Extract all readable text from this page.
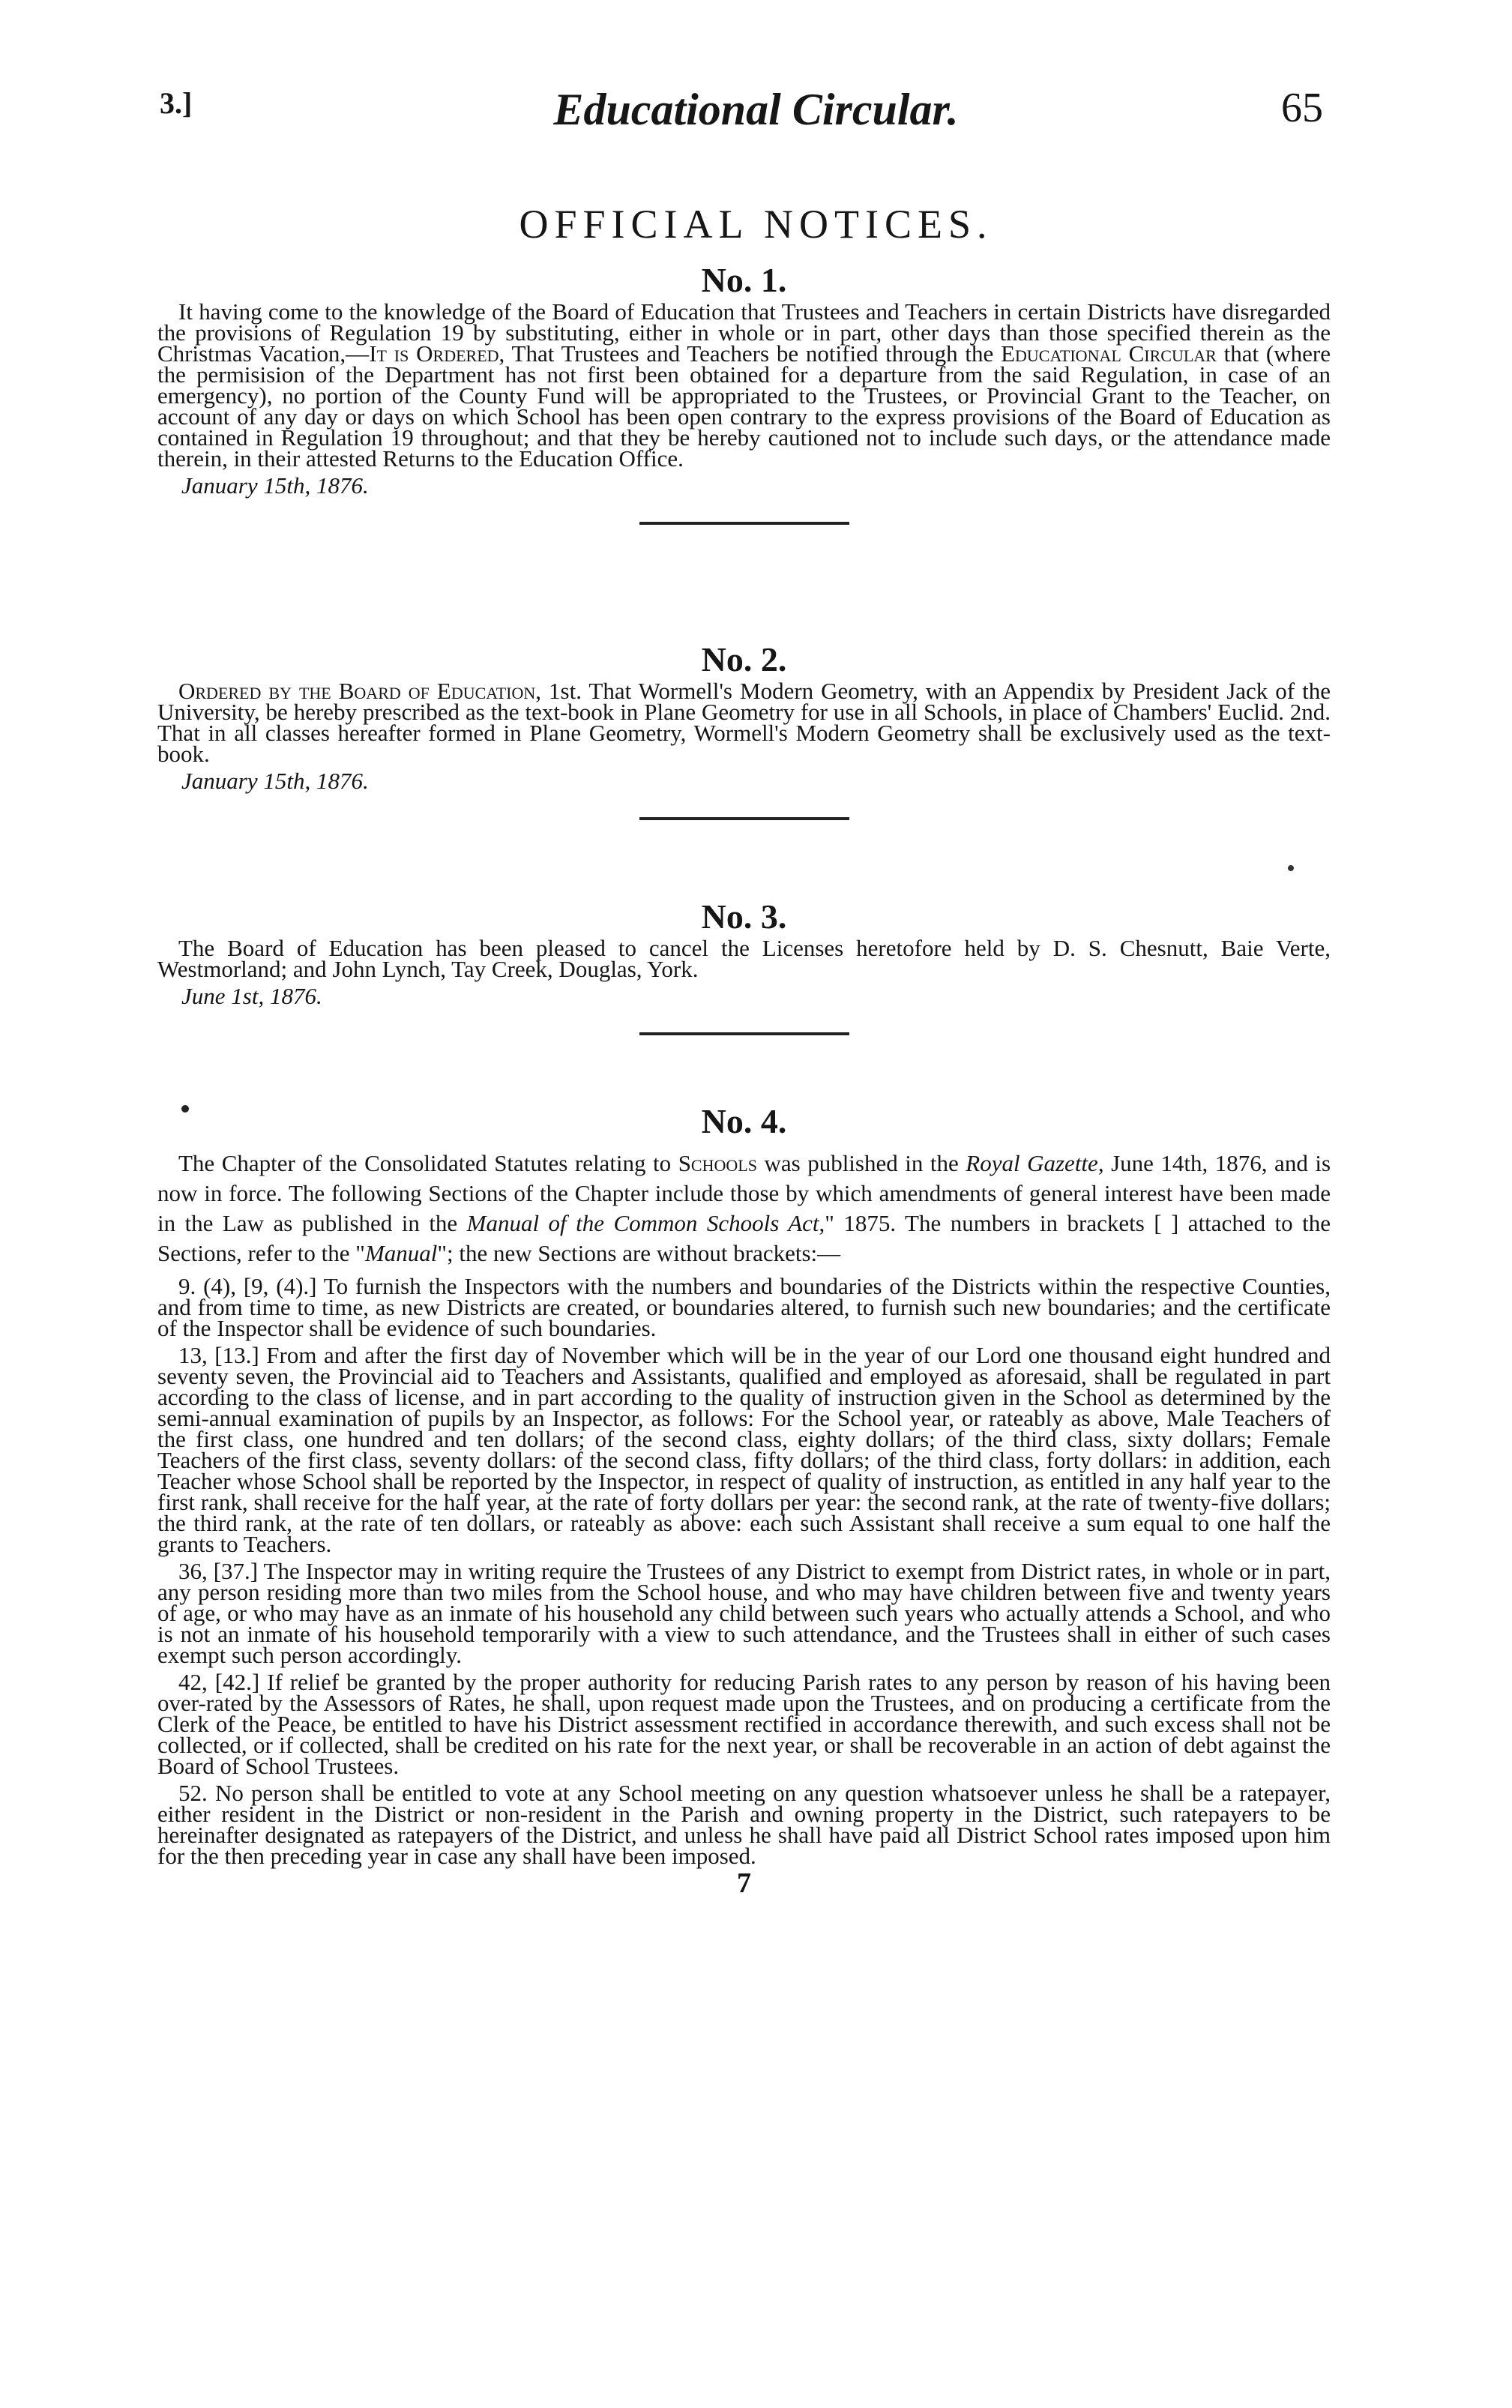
3.]	Educational Circular.	65
OFFICIAL NOTICES.
No. 1.

It having come to the knowledge of the Board of Education that Trustees and Teachers in certain Districts have disregarded the provisions of Regulation 19 by substituting, either in whole or in part, other days than those specified therein as the Christmas Vacation,—It is Ordered, That Trustees and Teachers be notified through the Educational Circular that (where the permisision of the Department has not first been obtained for a departure from the said Regulation, in case of an emergency), no portion of the County Fund will be appropriated to the Trustees, or Provincial Grant to the Teacher, on account of any day or days on which School has been open contrary to the express provisions of the Board of Education as contained in Regulation 19 throughout; and that they be hereby cautioned not to include such days, or the attendance made therein, in their attested Returns to the Education Office.

January 15th, 1876.
No. 2.

Ordered by the Board of Education, 1st. That Wormell's Modern Geometry, with an Appendix by President Jack of the University, be hereby prescribed as the text-book in Plane Geometry for use in all Schools, in place of Chambers' Euclid. 2nd. That in all classes hereafter formed in Plane Geometry, Wormell's Modern Geometry shall be exclusively used as the text-book.

January 15th, 1876.
No. 3.

The Board of Education has been pleased to cancel the Licenses heretofore held by D. S. Chesnutt, Baie Verte, Westmorland; and John Lynch, Tay Creek, Douglas, York.

June 1st, 1876.
No. 4.

The Chapter of the Consolidated Statutes relating to Schools was published in the Royal Gazette, June 14th, 1876, and is now in force. The following Sections of the Chapter include those by which amendments of general interest have been made in the Law as published in the Manual of the Common Schools Act," 1875. The numbers in brackets [ ] attached to the Sections, refer to the "Manual"; the new Sections are without brackets:—

9. (4), [9, (4).] To furnish the Inspectors with the numbers and boundaries of the Districts within the respective Counties, and from time to time, as new Districts are created, or boundaries altered, to furnish such new boundaries; and the certificate of the Inspector shall be evidence of such boundaries.

13, [13.] From and after the first day of November which will be in the year of our Lord one thousand eight hundred and seventy seven, the Provincial aid to Teachers and Assistants, qualified and employed as aforesaid, shall be regulated in part according to the class of license, and in part according to the quality of instruction given in the School as determined by the semi-annual examination of pupils by an Inspector, as follows: For the School year, or rateably as above, Male Teachers of the first class, one hundred and ten dollars; of the second class, eighty dollars; of the third class, sixty dollars; Female Teachers of the first class, seventy dollars: of the second class, fifty dollars; of the third class, forty dollars: in addition, each Teacher whose School shall be reported by the Inspector, in respect of quality of instruction, as entitled in any half year to the first rank, shall receive for the half year, at the rate of forty dollars per year: the second rank, at the rate of twenty-five dollars; the third rank, at the rate of ten dollars, or rateably as above: each such Assistant shall receive a sum equal to one half the grants to Teachers.

36, [37.] The Inspector may in writing require the Trustees of any District to exempt from District rates, in whole or in part, any person residing more than two miles from the School house, and who may have children between five and twenty years of age, or who may have as an inmate of his household any child between such years who actually attends a School, and who is not an inmate of his household temporarily with a view to such attendance, and the Trustees shall in either of such cases exempt such person accordingly.

42, [42.] If relief be granted by the proper authority for reducing Parish rates to any person by reason of his having been over-rated by the Assessors of Rates, he shall, upon request made upon the Trustees, and on producing a certificate from the Clerk of the Peace, be entitled to have his District assessment rectified in accordance therewith, and such excess shall not be collected, or if collected, shall be credited on his rate for the next year, or shall be recoverable in an action of debt against the Board of School Trustees.

52. No person shall be entitled to vote at any School meeting on any question whatsoever unless he shall be a ratepayer, either resident in the District or non-resident in the Parish and owning property in the District, such ratepayers to be hereinafter designated as ratepayers of the District, and unless he shall have paid all District School rates imposed upon him for the then preceding year in case any shall have been imposed.

7
